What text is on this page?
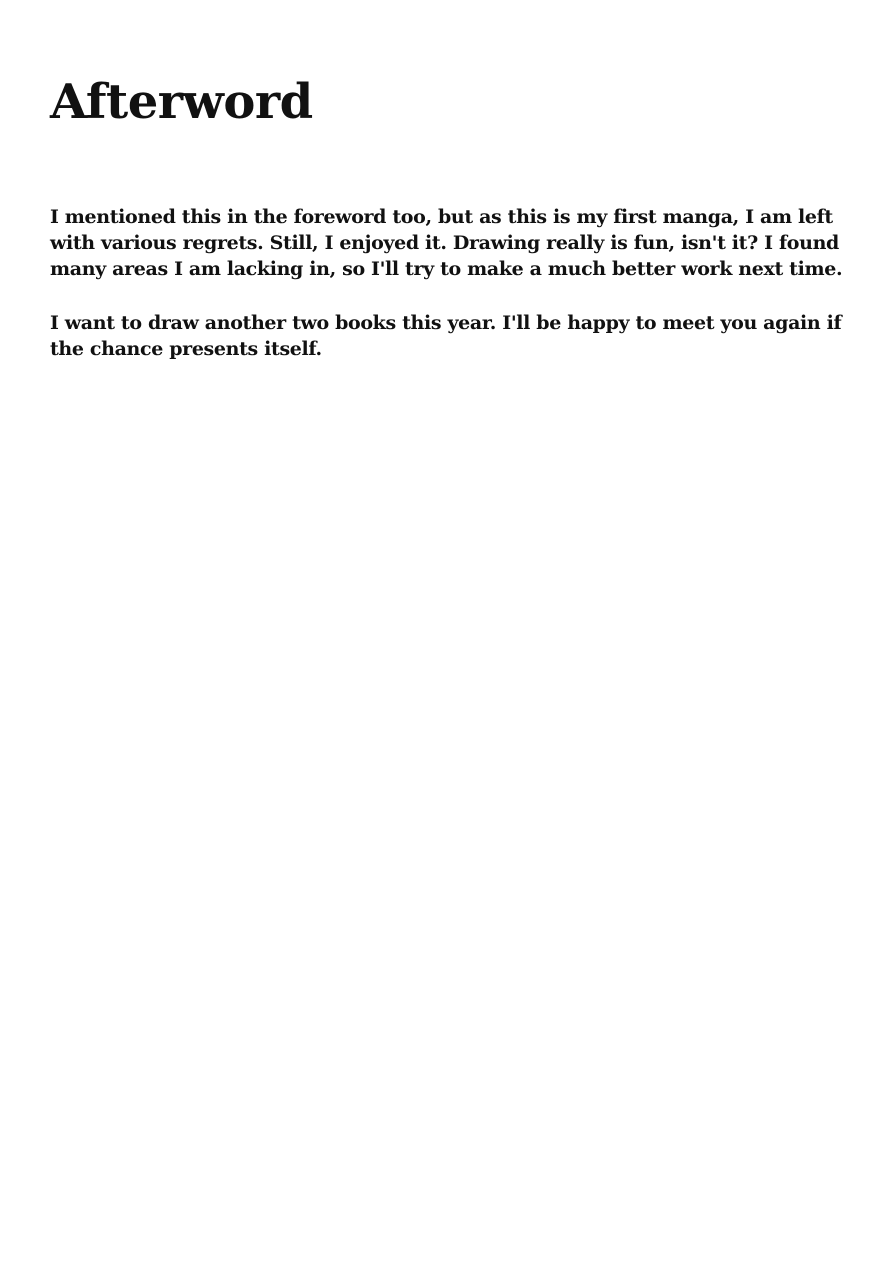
Afterword

I mentioned this in the foreword too, but as this is my first manga, I am left with various regrets. Still, I enjoyed it. Drawing really is fun, isn't it? I found many areas I am lacking in, so I'll try to make a much better work next time.

I want to draw another two books this year. I'll be happy to meet you again if the chance presents itself.
